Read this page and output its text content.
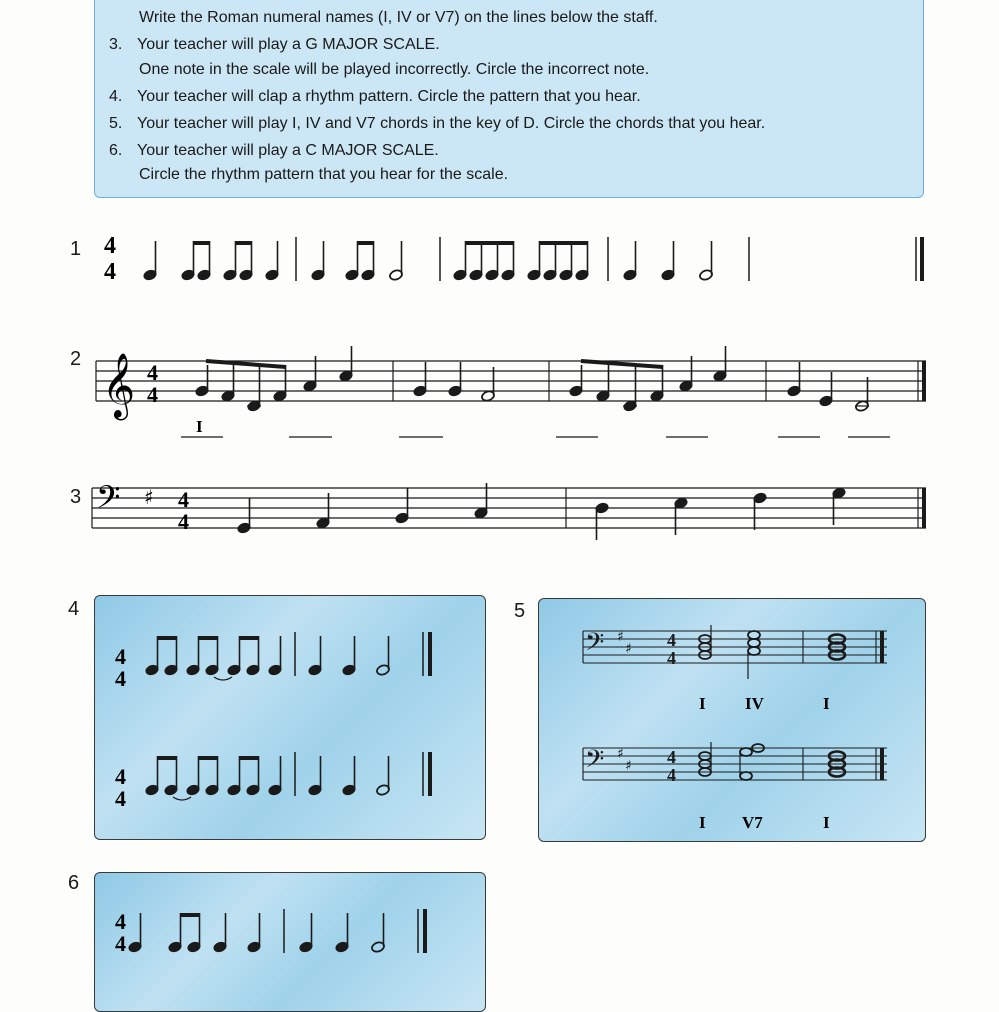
Write the Roman numeral names (I, IV or V7) on the lines below the staff.
3. Your teacher will play a G MAJOR SCALE.
One note in the scale will be played incorrectly. Circle the incorrect note.
4. Your teacher will clap a rhythm pattern. Circle the pattern that you hear.
5. Your teacher will play I, IV and V7 chords in the key of D. Circle the chords that you hear.
6. Your teacher will play a C MAJOR SCALE.
Circle the rhythm pattern that you hear for the scale.
1
2
3
4	5
6
4
4
𝄞 4
4
I
𝄢 ♯ 4
4
4
4
4
4
𝄢 ♯
♯ 4
4
I IV	I
𝄢 ♯
♯ 4
4
I V7	I
4
4
